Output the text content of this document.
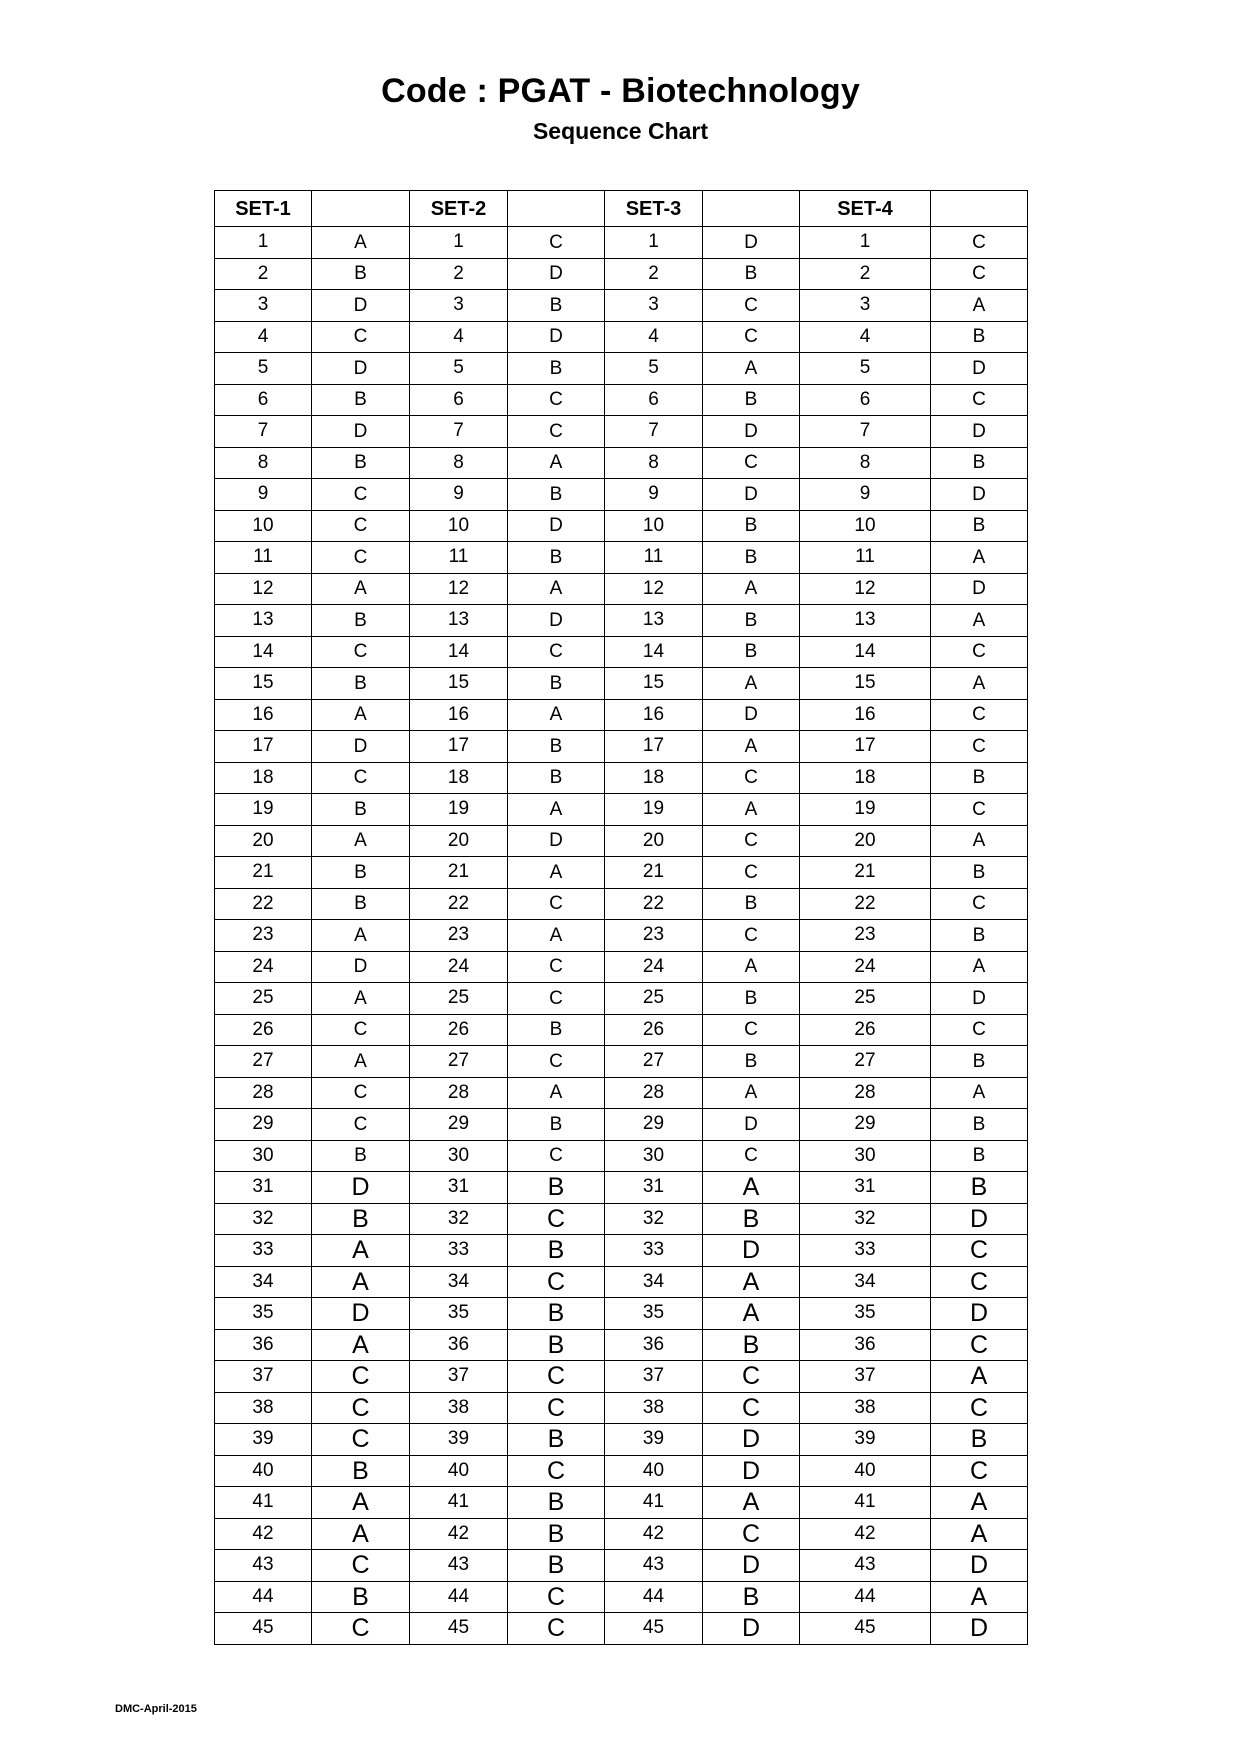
Code : PGAT - Biotechnology
Sequence Chart
SET-1		SET-2		SET-3		SET-4	
1	A	1	C	1	D	1	C
2	B	2	D	2	B	2	C
3	D	3	B	3	C	3	A
4	C	4	D	4	C	4	B
5	D	5	B	5	A	5	D
6	B	6	C	6	B	6	C
7	D	7	C	7	D	7	D
8	B	8	A	8	C	8	B
9	C	9	B	9	D	9	D
10	C	10	D	10	B	10	B
11	C	11	B	11	B	11	A
12	A	12	A	12	A	12	D
13	B	13	D	13	B	13	A
14	C	14	C	14	B	14	C
15	B	15	B	15	A	15	A
16	A	16	A	16	D	16	C
17	D	17	B	17	A	17	C
18	C	18	B	18	C	18	B
19	B	19	A	19	A	19	C
20	A	20	D	20	C	20	A
21	B	21	A	21	C	21	B
22	B	22	C	22	B	22	C
23	A	23	A	23	C	23	B
24	D	24	C	24	A	24	A
25	A	25	C	25	B	25	D
26	C	26	B	26	C	26	C
27	A	27	C	27	B	27	B
28	C	28	A	28	A	28	A
29	C	29	B	29	D	29	B
30	B	30	C	30	C	30	B
31	D	31	B	31	A	31	B
32	B	32	C	32	B	32	D
33	A	33	B	33	D	33	C
34	A	34	C	34	A	34	C
35	D	35	B	35	A	35	D
36	A	36	B	36	B	36	C
37	C	37	C	37	C	37	A
38	C	38	C	38	C	38	C
39	C	39	B	39	D	39	B
40	B	40	C	40	D	40	C
41	A	41	B	41	A	41	A
42	A	42	B	42	C	42	A
43	C	43	B	43	D	43	D
44	B	44	C	44	B	44	A
45	C	45	C	45	D	45	D
DMC-April-2015
